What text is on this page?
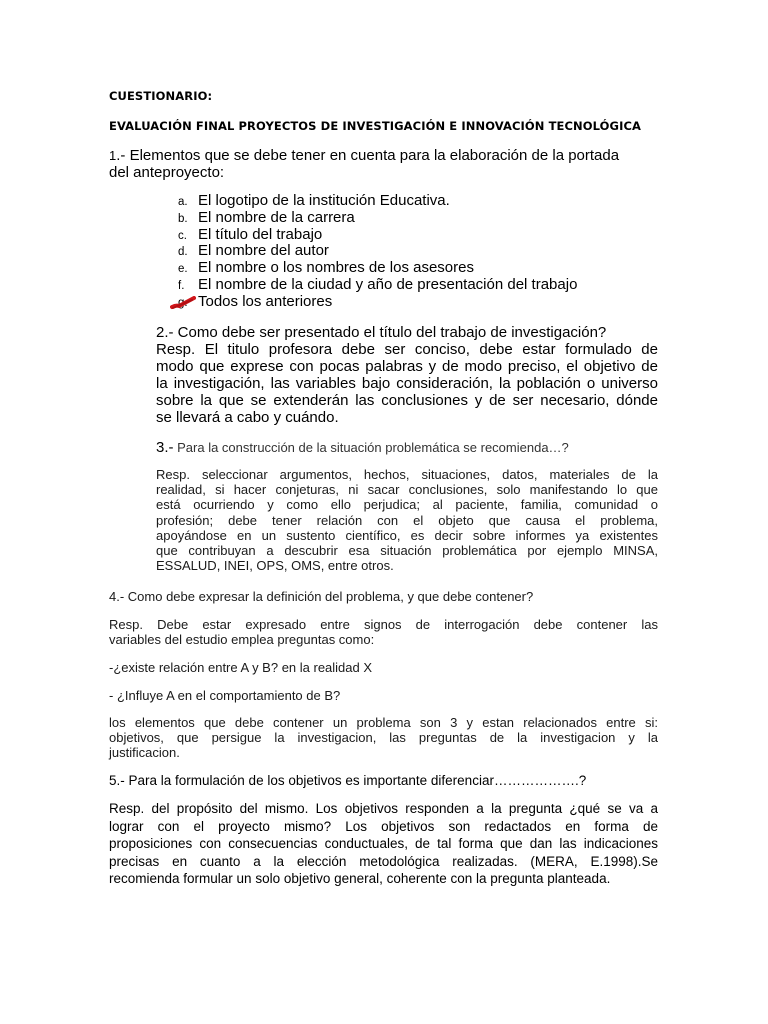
CUESTIONARIO:
EVALUACIÓN FINAL PROYECTOS DE INVESTIGACIÓN E INNOVACIÓN TECNOLÓGICA
1.- Elementos que se debe tener en cuenta para la elaboración de la portada
del anteproyecto:
a. El logotipo de la institución Educativa.
b. El nombre de la carrera
c. El título del trabajo
d. El nombre del autor
e. El nombre o los nombres de los asesores
f. El nombre de la ciudad y año de presentación del trabajo
g. Todos los anteriores
2.- Como debe ser presentado el título del trabajo de investigación?
Resp. El titulo profesora debe ser conciso, debe estar formulado de
modo que exprese con pocas palabras y de modo preciso, el objetivo de
la investigación, las variables bajo consideración, la población o universo
sobre la que se extenderán las conclusiones y de ser necesario, dónde
se llevará a cabo y cuándo.
3.- Para la construcción de la situación problemática se recomienda…?
Resp. seleccionar argumentos, hechos, situaciones, datos, materiales de la
realidad, si hacer conjeturas, ni sacar conclusiones, solo manifestando lo que
está ocurriendo y como ello perjudica; al paciente, familia, comunidad o
profesión; debe tener relación con el objeto que causa el problema,
apoyándose en un sustento científico, es decir sobre informes ya existentes
que contribuyan a descubrir esa situación problemática por ejemplo MINSA,
ESSALUD, INEI, OPS, OMS, entre otros.
4.- Como debe expresar la definición del problema, y que debe contener?
Resp. Debe estar expresado entre signos de interrogación debe contener las
variables del estudio emplea preguntas como:
-¿existe relación entre A y B? en la realidad X
- ¿Influye A en el comportamiento de B?
los elementos que debe contener un problema son 3 y estan relacionados entre si:
objetivos, que persigue la investigacion, las preguntas de la investigacion y la
justificacion.
5.- Para la formulación de los objetivos es importante diferenciar……………….?
Resp. del propósito del mismo. Los objetivos responden a la pregunta ¿qué se va a
lograr con el proyecto mismo? Los objetivos son redactados en forma de
proposiciones con consecuencias conductuales, de tal forma que dan las indicaciones
precisas en cuanto a la elección metodológica realizadas. (MERA, E.1998).Se
recomienda formular un solo objetivo general, coherente con la pregunta planteada.
